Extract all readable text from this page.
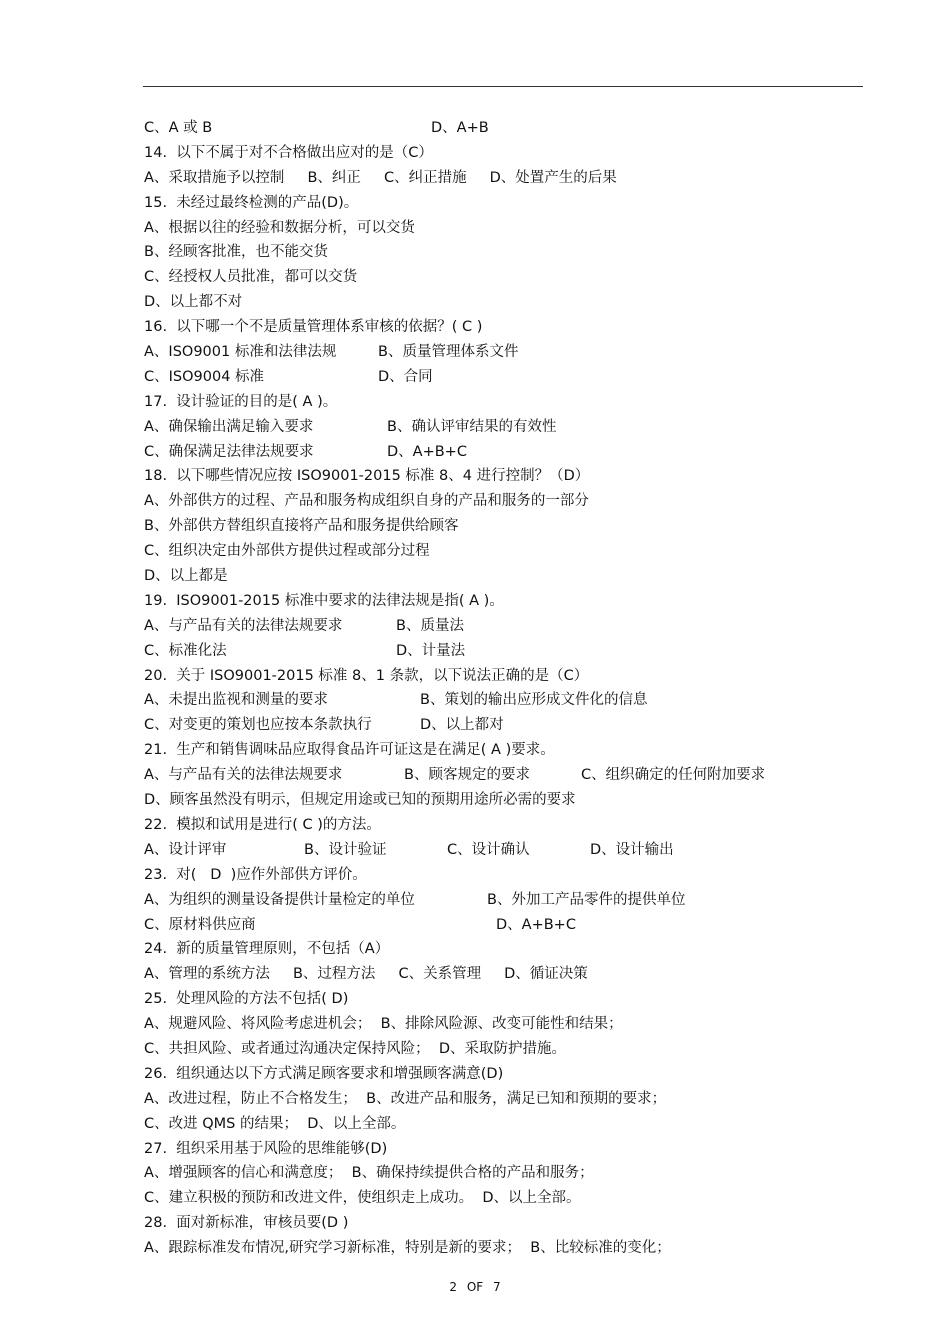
C、A 或 B	D、A+B
14.  以下不属于对不合格做出应对的是（C）
A、采取措施予以控制     B、纠正     C、纠正措施     D、处置产生的后果
15.  未经过最终检测的产品(D)。
A、根据以往的经验和数据分析，可以交货
B、经顾客批准，也不能交货
C、经授权人员批准，都可以交货
D、以上都不对
16.  以下哪一个不是质量管理体系审核的依据？( C )
A、ISO9001 标准和法律法规	B、质量管理体系文件
C、ISO9004 标准	D、合同
17.  设计验证的目的是( A )。
A、确保输出满足输入要求	B、确认评审结果的有效性
C、确保满足法律法规要求	D、A+B+C
18.  以下哪些情况应按 ISO9001-2015 标准 8、4 进行控制？（D）
A、外部供方的过程、产品和服务构成组织自身的产品和服务的一部分
B、外部供方替组织直接将产品和服务提供给顾客
C、组织决定由外部供方提供过程或部分过程
D、以上都是
19.  ISO9001-2015 标准中要求的法律法规是指( A )。
A、与产品有关的法律法规要求	B、质量法
C、标准化法	D、计量法
20.  关于 ISO9001-2015 标准 8、1 条款，以下说法正确的是（C）
A、未提出监视和测量的要求	B、策划的输出应形成文件化的信息
C、对变更的策划也应按本条款执行	D、以上都对
21.  生产和销售调味品应取得食品许可证这是在满足( A )要求。
A、与产品有关的法律法规要求	B、顾客规定的要求	C、组织确定的任何附加要求
D、顾客虽然没有明示，但规定用途或已知的预期用途所必需的要求
22.  模拟和试用是进行( C )的方法。
A、设计评审	B、设计验证	C、设计确认	D、设计输出
23.  对(   D  )应作外部供方评价。
A、为组织的测量设备提供计量检定的单位	B、外加工产品零件的提供单位
C、原材料供应商	D、A+B+C
24.  新的质量管理原则，不包括（A）
A、管理的系统方法     B、过程方法     C、关系管理     D、循证决策
25.  处理风险的方法不包括( D)
A、规避风险、将风险考虑进机会；  B、排除风险源、改变可能性和结果；
C、共担风险、或者通过沟通决定保持风险；  D、采取防护措施。
26.  组织通达以下方式满足顾客要求和增强顾客满意(D)
A、改进过程，防止不合格发生；  B、改进产品和服务，满足已知和预期的要求；
C、改进 QMS 的结果；  D、以上全部。
27.  组织采用基于风险的思维能够(D)
A、增强顾客的信心和满意度；  B、确保持续提供合格的产品和服务；
C、建立积极的预防和改进文件，使组织走上成功。  D、以上全部。
28.  面对新标准，审核员要(D )
A、跟踪标准发布情况,研究学习新标准，特别是新的要求；  B、比较标准的变化；
2 OF 7
